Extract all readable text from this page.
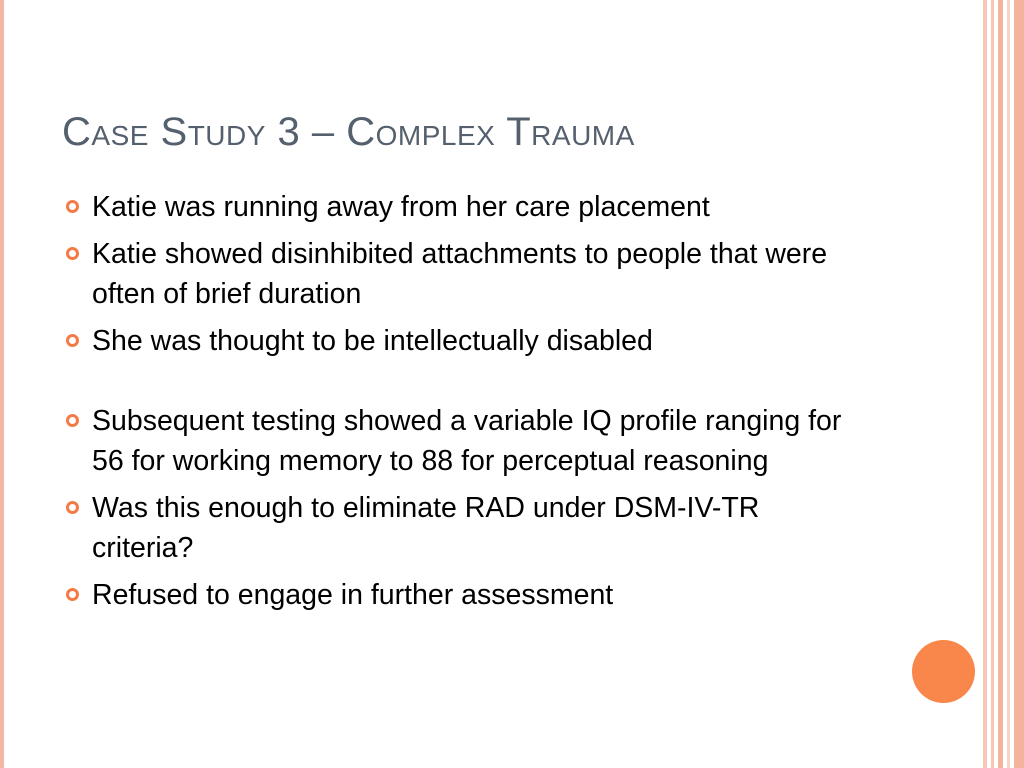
Case Study 3 – Complex Trauma
Katie was running away from her care placement
Katie showed disinhibited attachments to people that were often of brief duration
She was thought to be intellectually disabled
Subsequent testing showed a variable IQ profile ranging for 56 for working memory to 88 for perceptual reasoning
Was this enough to eliminate RAD under DSM-IV-TR criteria?
Refused to engage in further assessment
